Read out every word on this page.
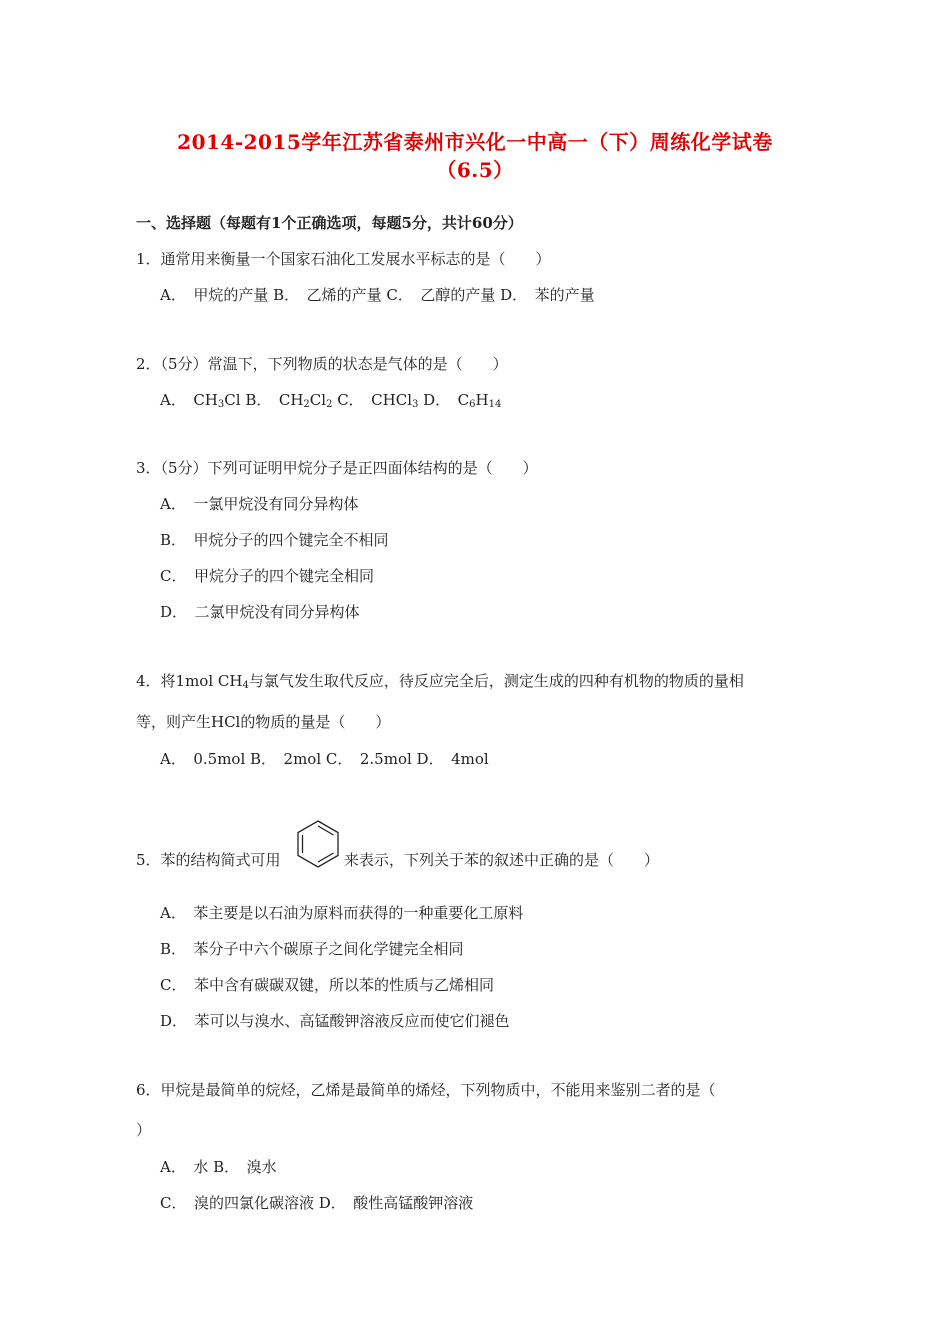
2014-2015学年江苏省泰州市兴化一中高一（下）周练化学试卷
（6.5）
一、选择题（每题有1个正确选项，每题5分，共计60分）
1．通常用来衡量一个国家石油化工发展水平标志的是（　　）
A．　甲烷的产量 B．　乙烯的产量 C．　乙醇的产量 D．　苯的产量
2．（5分）常温下，下列物质的状态是气体的是（　　）
A．　$CH_3Cl$ B．　$CH_2Cl_2$ C．　CHCl$_3$ D．　$C_6H_{14}$
3．（5分）下列可证明甲烷分子是正四面体结构的是（　　）
A．　一氯甲烷没有同分异构体
B．　甲烷分子的四个键完全不相同
C．　甲烷分子的四个键完全相同
D．　二氯甲烷没有同分异构体
4．将1mol $CH_4$与氯气发生取代反应，待反应完全后，测定生成的四种有机物的物质的量相
等，则产生HCl的物质的量是（　　）
A．　0.5mol B．　2mol C．　2.5mol D．　4mol
5．苯的结构简式可用	来表示，下列关于苯的叙述中正确的是（　　）
A．　苯主要是以石油为原料而获得的一种重要化工原料
B．　苯分子中六个碳原子之间化学键完全相同
C．　苯中含有碳碳双键，所以苯的性质与乙烯相同
D．　苯可以与溴水、高锰酸钾溶液反应而使它们褪色
6．甲烷是最简单的烷烃，乙烯是最简单的烯烃，下列物质中，不能用来鉴别二者的是（
）
A．　水 B．　溴水
C．　溴的四氯化碳溶液 D．　酸性高锰酸钾溶液
